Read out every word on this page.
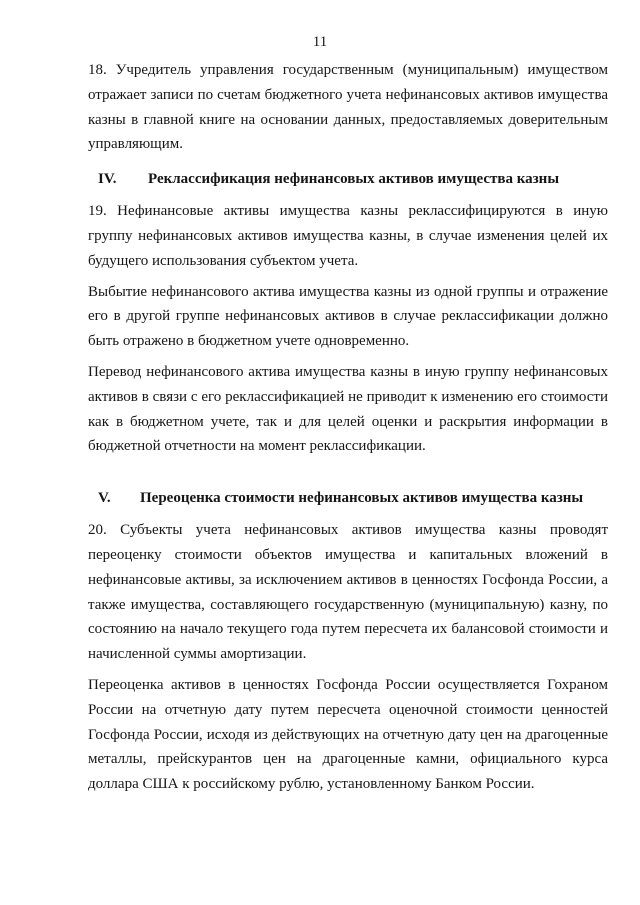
11

18. Учредитель управления государственным (муниципальным) имуществом отражает записи по счетам бюджетного учета нефинансовых активов имущества казны в главной книге на основании данных, предоставляемых доверительным управляющим.

IV.	Реклассификация нефинансовых активов имущества казны

19. Нефинансовые активы имущества казны реклассифицируются в иную группу нефинансовых активов имущества казны, в случае изменения целей их будущего использования субъектом учета.

Выбытие нефинансового актива имущества казны из одной группы и отражение его в другой группе нефинансовых активов в случае реклассификации должно быть отражено в бюджетном учете одновременно.

Перевод нефинансового актива имущества казны в иную группу нефинансовых активов в связи с его реклассификацией не приводит к изменению его стоимости как в бюджетном учете, так и для целей оценки и раскрытия информации в бюджетной отчетности на момент реклассификации.

V.	Переоценка стоимости нефинансовых активов имущества казны

20. Субъекты учета нефинансовых активов имущества казны проводят переоценку стоимости объектов имущества и капитальных вложений в нефинансовые активы, за исключением активов в ценностях Госфонда России, а также имущества, составляющего государственную (муниципальную) казну, по состоянию на начало текущего года путем пересчета их балансовой стоимости и начисленной суммы амортизации.

Переоценка активов в ценностях Госфонда России осуществляется Гохраном России на отчетную дату путем пересчета оценочной стоимости ценностей Госфонда России, исходя из действующих на отчетную дату цен на драгоценные металлы, прейскурантов цен на драгоценные камни, официального курса доллара США к российскому рублю, установленному Банком России.
